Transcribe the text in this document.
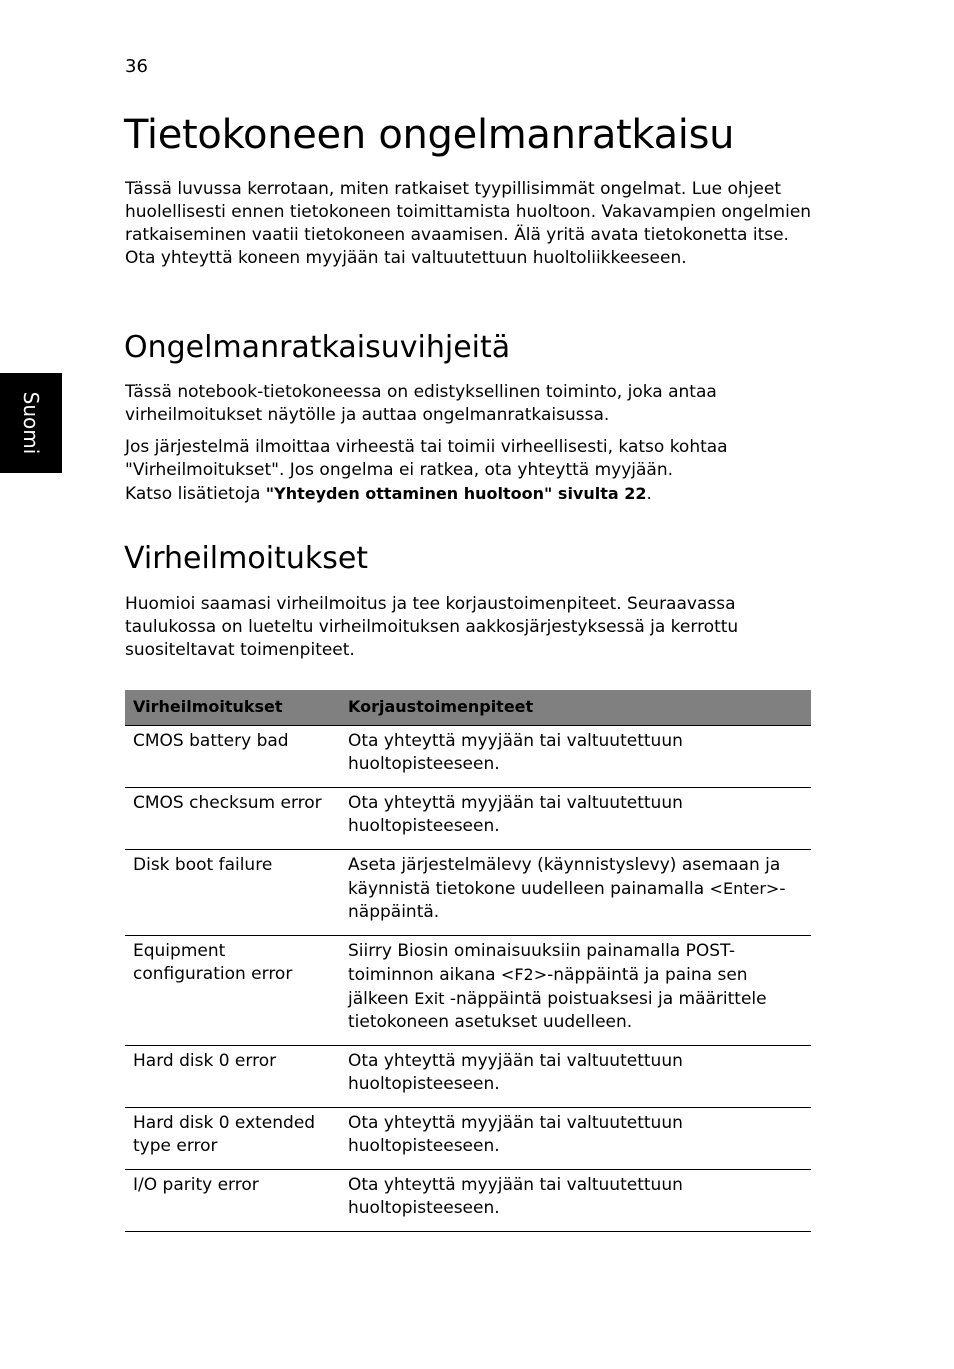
36
Suomi
Tietokoneen ongelmanratkaisu

Tässä luvussa kerrotaan, miten ratkaiset tyypillisimmät ongelmat. Lue ohjeet huolellisesti ennen tietokoneen toimittamista huoltoon. Vakavampien ongelmien ratkaiseminen vaatii tietokoneen avaamisen. Älä yritä avata tietokonetta itse. Ota yhteyttä koneen myyjään tai valtuutettuun huoltoliikkeeseen.

Ongelmanratkaisuvihjeitä

Tässä notebook-tietokoneessa on edistyksellinen toiminto, joka antaa virheilmoitukset näytölle ja auttaa ongelmanratkaisussa.

Jos järjestelmä ilmoittaa virheestä tai toimii virheellisesti, katso kohtaa
"Virheilmoitukset". Jos ongelma ei ratkea, ota yhteyttä myyjään.
Katso lisätietoja "Yhteyden ottaminen huoltoon" sivulta 22.

Virheilmoitukset

Huomioi saamasi virheilmoitus ja tee korjaustoimenpiteet. Seuraavassa taulukossa on lueteltu virheilmoituksen aakkosjärjestyksessä ja kerrottu suositeltavat toimenpiteet.

Virheilmoitukset	Korjaustoimenpiteet
CMOS battery bad	Ota yhteyttä myyjään tai valtuutettuun huoltopisteeseen.
CMOS checksum error	Ota yhteyttä myyjään tai valtuutettuun huoltopisteeseen.
Disk boot failure	Aseta järjestelmälevy (käynnistyslevy) asemaan ja käynnistä tietokone uudelleen painamalla <Enter>-näppäintä.
Equipment configuration error	Siirry Biosin ominaisuuksiin painamalla POST-toiminnon aikana <F2>-näppäintä ja paina sen jälkeen Exit -näppäintä poistuaksesi ja määrittele tietokoneen asetukset uudelleen.
Hard disk 0 error	Ota yhteyttä myyjään tai valtuutettuun huoltopisteeseen.
Hard disk 0 extended type error	Ota yhteyttä myyjään tai valtuutettuun huoltopisteeseen.
I/O parity error	Ota yhteyttä myyjään tai valtuutettuun huoltopisteeseen.
